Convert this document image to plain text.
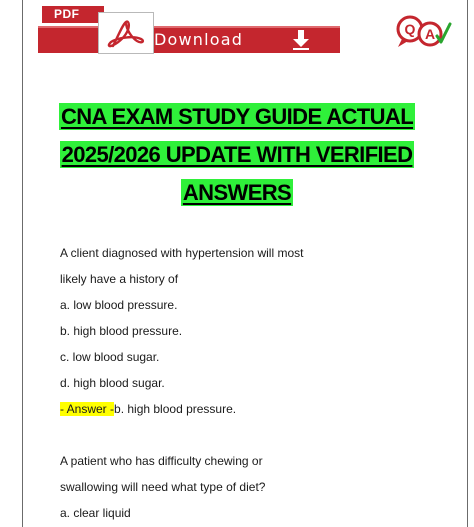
PDF
Download
Q A
CNA EXAM STUDY GUIDE ACTUAL
2025/2026 UPDATE WITH VERIFIED
ANSWERS
A client diagnosed with hypertension will most
likely have a history of
a. low blood pressure.
b. high blood pressure.
c. low blood sugar.
d. high blood sugar.
- Answer -b. high blood pressure.
A patient who has difficulty chewing or
swallowing will need what type of diet?
a. clear liquid
